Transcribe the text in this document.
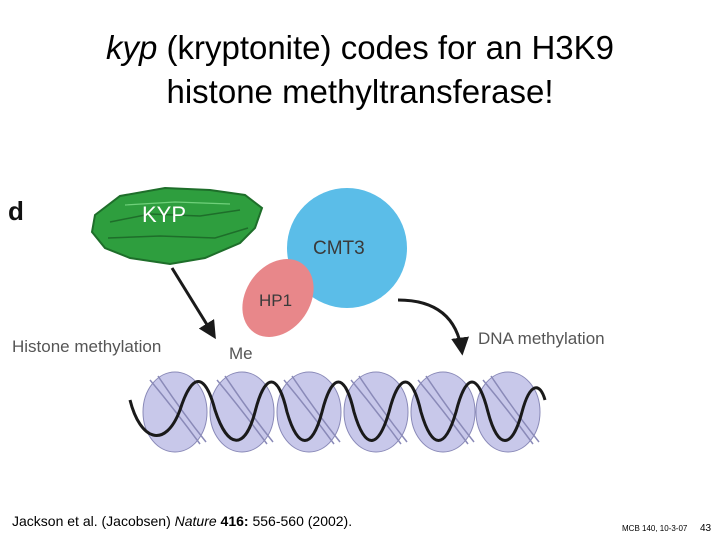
kyp (kryptonite) codes for an H3K9
histone methyltransferase!
d	KYP
CMT3
HP1
Histone methylation	DNA methylation
Me
Jackson et al. (Jacobsen) Nature 416: 556-560 (2002).	MCB 140, 10-3-07 43
